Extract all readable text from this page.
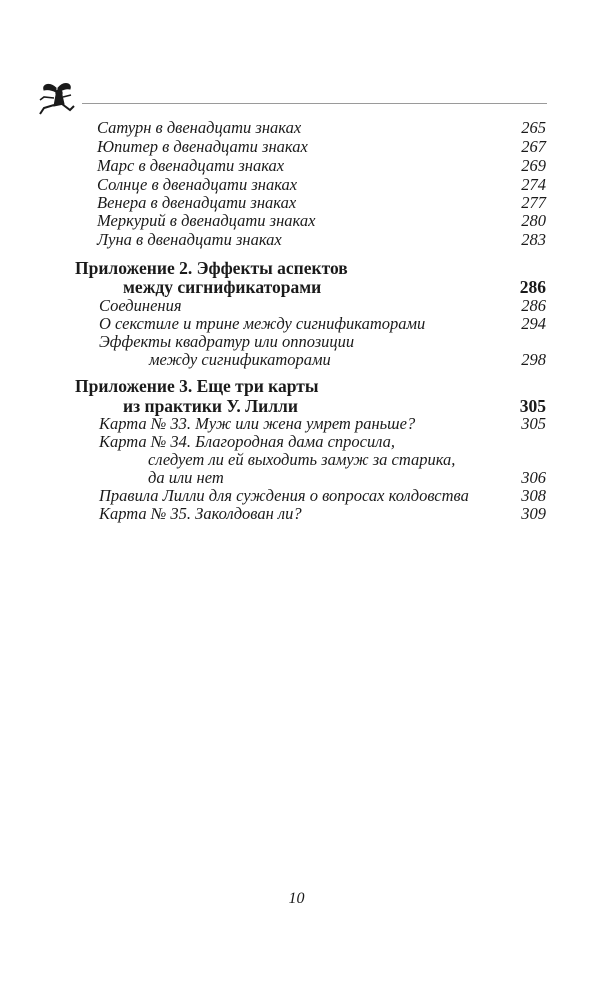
Сатурн в двенадцати знаках	265
Юпитер в двенадцати знаках	267
Марс в двенадцати знаках	269
Солнце в двенадцати знаках	274
Венера в двенадцати знаках	277
Меркурий в двенадцати знаках	280
Луна в двенадцати знаках	283
Приложение 2. Эффекты аспектов
между сигнификаторами	286
Соединения	286
О секстиле и трине между сигнификаторами	294
Эффекты квадратур или оппозиции
между сигнификаторами	298
Приложение 3. Еще три карты
из практики У. Лилли	305
Карта № 33. Муж или жена умрет раньше?	305
Карта № 34. Благородная дама спросила,
следует ли ей выходить замуж за старика,
да или нет	306
Правила Лилли для суждения о вопросах колдовства	308
Карта № 35. Заколдован ли?	309
10
